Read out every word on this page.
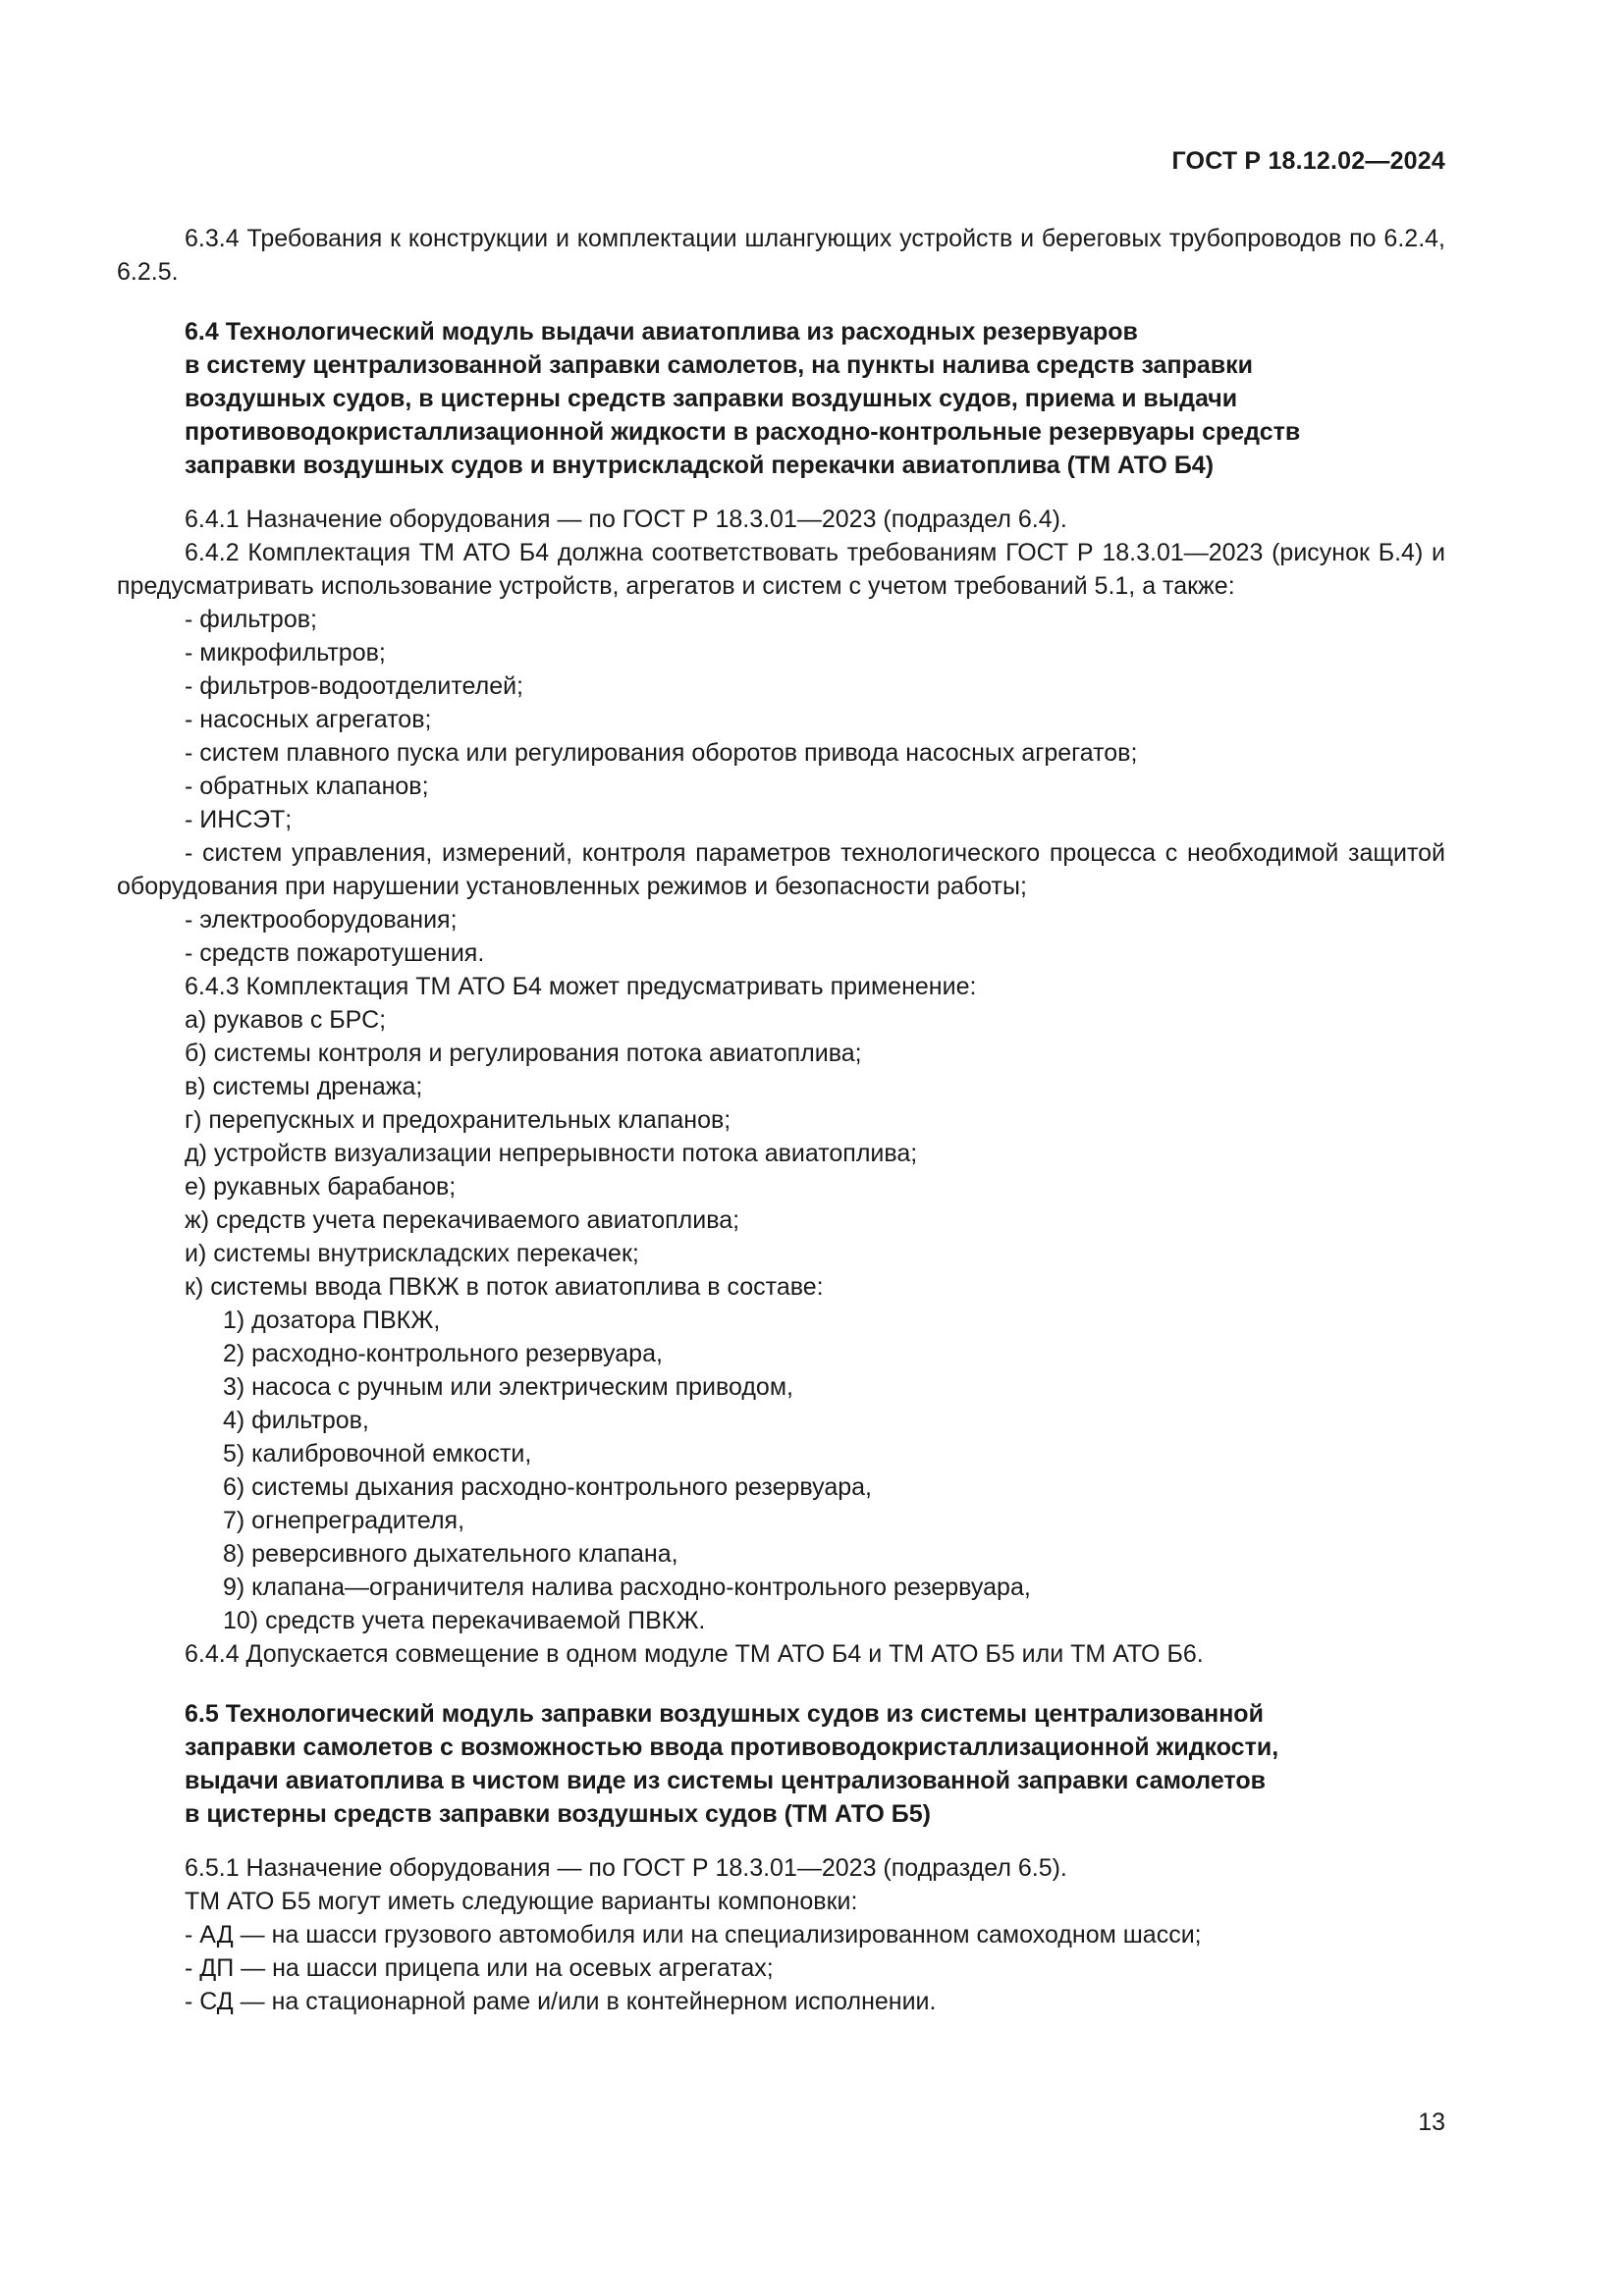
ГОСТ Р 18.12.02—2024

6.3.4 Требования к конструкции и комплектации шлангующих устройств и береговых трубопроводов по 6.2.4, 6.2.5.

6.4 Технологический модуль выдачи авиатоплива из расходных резервуаров
в систему централизованной заправки самолетов, на пункты налива средств заправки
воздушных судов, в цистерны средств заправки воздушных судов, приема и выдачи
противоводокристаллизационной жидкости в расходно-контрольные резервуары средств
заправки воздушных судов и внутрискладской перекачки авиатоплива (ТМ АТО Б4)

6.4.1 Назначение оборудования — по ГОСТ Р 18.3.01—2023 (подраздел 6.4).

6.4.2 Комплектация ТМ АТО Б4 должна соответствовать требованиям ГОСТ Р 18.3.01—2023 (рисунок Б.4) и предусматривать использование устройств, агрегатов и систем с учетом требований 5.1, а также:

- фильтров;

- микрофильтров;

- фильтров-водоотделителей;

- насосных агрегатов;

- систем плавного пуска или регулирования оборотов привода насосных агрегатов;

- обратных клапанов;

- ИНСЭТ;

- систем управления, измерений, контроля параметров технологического процесса с необходимой защитой оборудования при нарушении установленных режимов и безопасности работы;

- электрооборудования;

- средств пожаротушения.

6.4.3 Комплектация ТМ АТО Б4 может предусматривать применение:

а) рукавов с БРС;

б) системы контроля и регулирования потока авиатоплива;

в) системы дренажа;

г) перепускных и предохранительных клапанов;

д) устройств визуализации непрерывности потока авиатоплива;

е) рукавных барабанов;

ж) средств учета перекачиваемого авиатоплива;

и) системы внутрискладских перекачек;

к) системы ввода ПВКЖ в поток авиатоплива в составе:

1) дозатора ПВКЖ,

2) расходно-контрольного резервуара,

3) насоса с ручным или электрическим приводом,

4) фильтров,

5) калибровочной емкости,

6) системы дыхания расходно-контрольного резервуара,

7) огнепреградителя,

8) реверсивного дыхательного клапана,

9) клапана—ограничителя налива расходно-контрольного резервуара,

10) средств учета перекачиваемой ПВКЖ.

6.4.4 Допускается совмещение в одном модуле ТМ АТО Б4 и ТМ АТО Б5 или ТМ АТО Б6.

6.5 Технологический модуль заправки воздушных судов из системы централизованной
заправки самолетов с возможностью ввода противоводокристаллизационной жидкости,
выдачи авиатоплива в чистом виде из системы централизованной заправки самолетов
в цистерны средств заправки воздушных судов (ТМ АТО Б5)

6.5.1 Назначение оборудования — по ГОСТ Р 18.3.01—2023 (подраздел 6.5).

ТМ АТО Б5 могут иметь следующие варианты компоновки:

- АД — на шасси грузового автомобиля или на специализированном самоходном шасси;

- ДП — на шасси прицепа или на осевых агрегатах;

- СД — на стационарной раме и/или в контейнерном исполнении.

13
